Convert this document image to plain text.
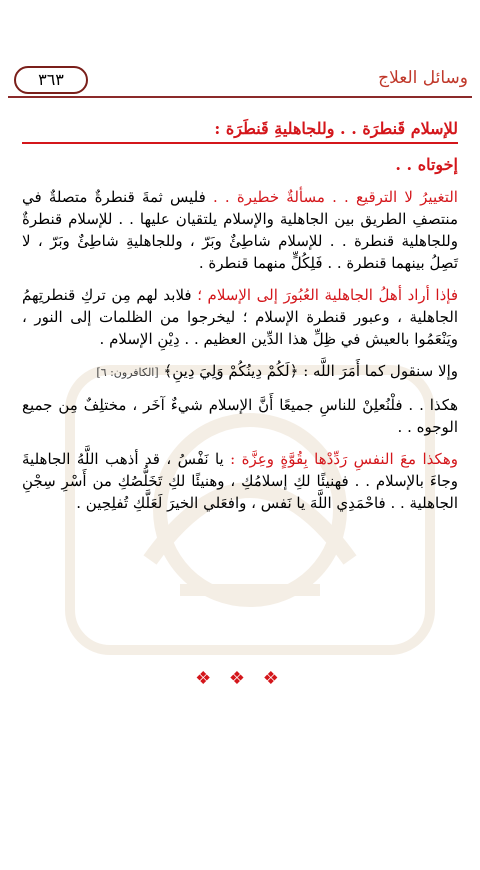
وسائل العلاج
٣٦٣

للإسلام قَنطرَة . . وللجاهليةِ قَنطَرَة :

إخوتاه . .

التغييرُ لا الترقيع . . مسألةٌ خطيرة . . فليس ثمةَ قنطرةٌ متصلةٌ في منتصفِ الطريق بين الجاهلية والإسلام يلتقيان عليها . . للإسلام قنطرةٌ وللجاهلية قنطرة . . للإسلام شاطِئٌ وبَرّ ، وللجاهليةِ شاطِئٌ وبَرّ ، لا تَصِلُ بينهما قنطرة . . فَلِكُلٍّ منهما قنطرة .

فإذا أراد أهلُ الجاهلية العُبُورَ إلى الإسلام ؛ فلابد لهم مِن تركِ قنطرتِهمُ الجاهلية ، وعبور قنطرة الإسلام ؛ ليخرجوا من الظلمات إلى النور ، ويَنْعَمُوا بالعيش في ظِلِّ هذا الدِّين العظيم . . دِيْنِ الإسلام .

وإلا سنقول كما أَمَرَ اللَّه : ﴿لَكُمْ دِينُكُمْ وَلِيَ دِينِ﴾ [الكافرون: ٦]

هكذا . . فلْنُعلِنْ للناسِ جميعًا أَنَّ الإسلام شيءٌ آخَر ، مختلِفٌ مِن جميع الوجوه . .

وهكذا معَ النفسِ رَدِّدْها بِقُوَّةٍ وعِزَّة : يا نَفْسُ ، قد أذهب اللَّهُ الجاهليةَ وجاءَ بالإسلام . . فهنيئًا لكِ إسلامُكِ ، وهنيئًا لكِ تَخَلُّصُكِ من أَسْرِ سِجْنِ الجاهلية . . فاحْمَدِي اللَّهَ يا نَفس ، وافعَلي الخيرَ لَعَلَّكِ تُفلِحِين .

❖ ❖ ❖
